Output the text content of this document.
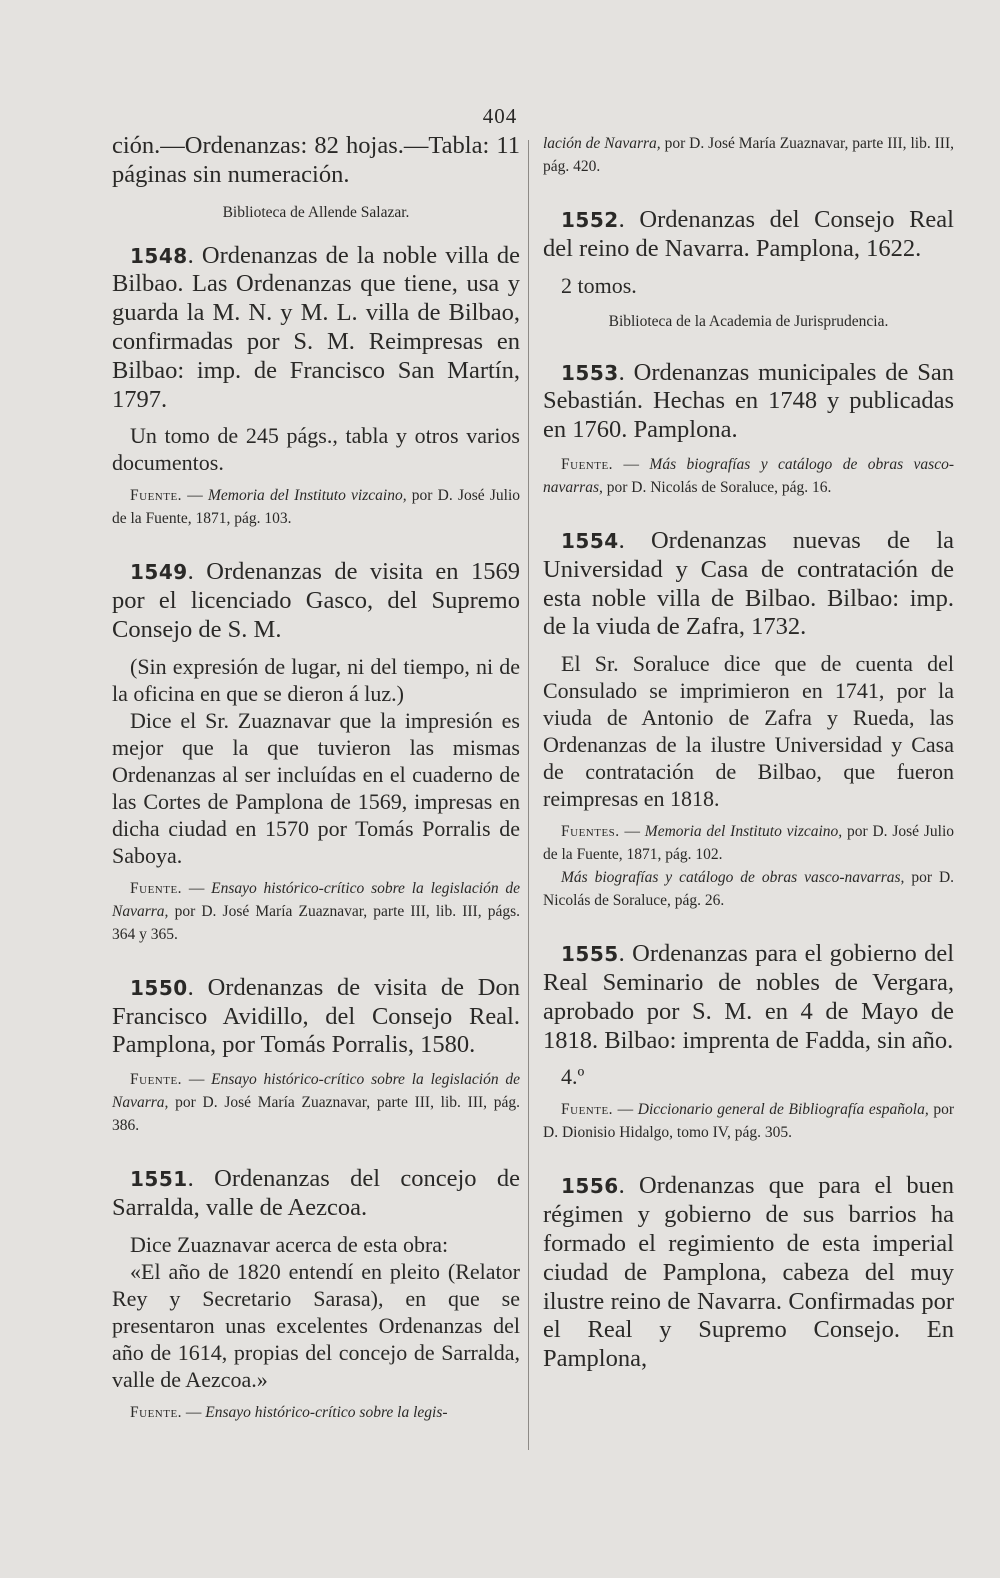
404

ción.—Ordenanzas: 82 hojas.—Tabla: 11 páginas sin numeración.

Biblioteca de Allende Salazar.

1548. Ordenanzas de la noble villa de Bilbao. Las Ordenanzas que tiene, usa y guarda la M. N. y M. L. villa de Bilbao, confirmadas por S. M. Reimpresas en Bilbao: imp. de Francisco San Martín, 1797.

Un tomo de 245 págs., tabla y otros varios documentos.

Fuente. — Memoria del Instituto vizcaino, por D. José Julio de la Fuente, 1871, pág. 103.

1549. Ordenanzas de visita en 1569 por el licenciado Gasco, del Supremo Consejo de S. M.

(Sin expresión de lugar, ni del tiempo, ni de la oficina en que se dieron á luz.)

Dice el Sr. Zuaznavar que la impresión es mejor que la que tuvieron las mismas Ordenanzas al ser incluídas en el cuaderno de las Cortes de Pamplona de 1569, impresas en dicha ciudad en 1570 por Tomás Porralis de Saboya.

Fuente. — Ensayo histórico-crítico sobre la legislación de Navarra, por D. José María Zuaznavar, parte III, lib. III, págs. 364 y 365.

1550. Ordenanzas de visita de Don Francisco Avidillo, del Consejo Real. Pamplona, por Tomás Porralis, 1580.

Fuente. — Ensayo histórico-crítico sobre la legislación de Navarra, por D. José María Zuaznavar, parte III, lib. III, pág. 386.

1551. Ordenanzas del concejo de Sarralda, valle de Aezcoa.

Dice Zuaznavar acerca de esta obra:

«El año de 1820 entendí en pleito (Relator Rey y Secretario Sarasa), en que se presentaron unas excelentes Ordenanzas del año de 1614, propias del concejo de Sarralda, valle de Aezcoa.»

Fuente. — Ensayo histórico-crítico sobre la legis-

lación de Navarra, por D. José María Zuaznavar, parte III, lib. III, pág. 420.

1552. Ordenanzas del Consejo Real del reino de Navarra. Pamplona, 1622.

2 tomos.

Biblioteca de la Academia de Jurisprudencia.

1553. Ordenanzas municipales de San Sebastián. Hechas en 1748 y publicadas en 1760. Pamplona.

Fuente. — Más biografías y catálogo de obras vasco-navarras, por D. Nicolás de Soraluce, pág. 16.

1554. Ordenanzas nuevas de la Universidad y Casa de contratación de esta noble villa de Bilbao. Bilbao: imp. de la viuda de Zafra, 1732.

El Sr. Soraluce dice que de cuenta del Consulado se imprimieron en 1741, por la viuda de Antonio de Zafra y Rueda, las Ordenanzas de la ilustre Universidad y Casa de contratación de Bilbao, que fueron reimpresas en 1818.

Fuentes. — Memoria del Instituto vizcaino, por D. José Julio de la Fuente, 1871, pág. 102.

Más biografías y catálogo de obras vasco-navarras, por D. Nicolás de Soraluce, pág. 26.

1555. Ordenanzas para el gobierno del Real Seminario de nobles de Vergara, aprobado por S. M. en 4 de Mayo de 1818. Bilbao: imprenta de Fadda, sin año.

4.º

Fuente. — Diccionario general de Bibliografía española, por D. Dionisio Hidalgo, tomo IV, pág. 305.

1556. Ordenanzas que para el buen régimen y gobierno de sus barrios ha formado el regimiento de esta imperial ciudad de Pamplona, cabeza del muy ilustre reino de Navarra. Confirmadas por el Real y Supremo Consejo. En Pamplona,
